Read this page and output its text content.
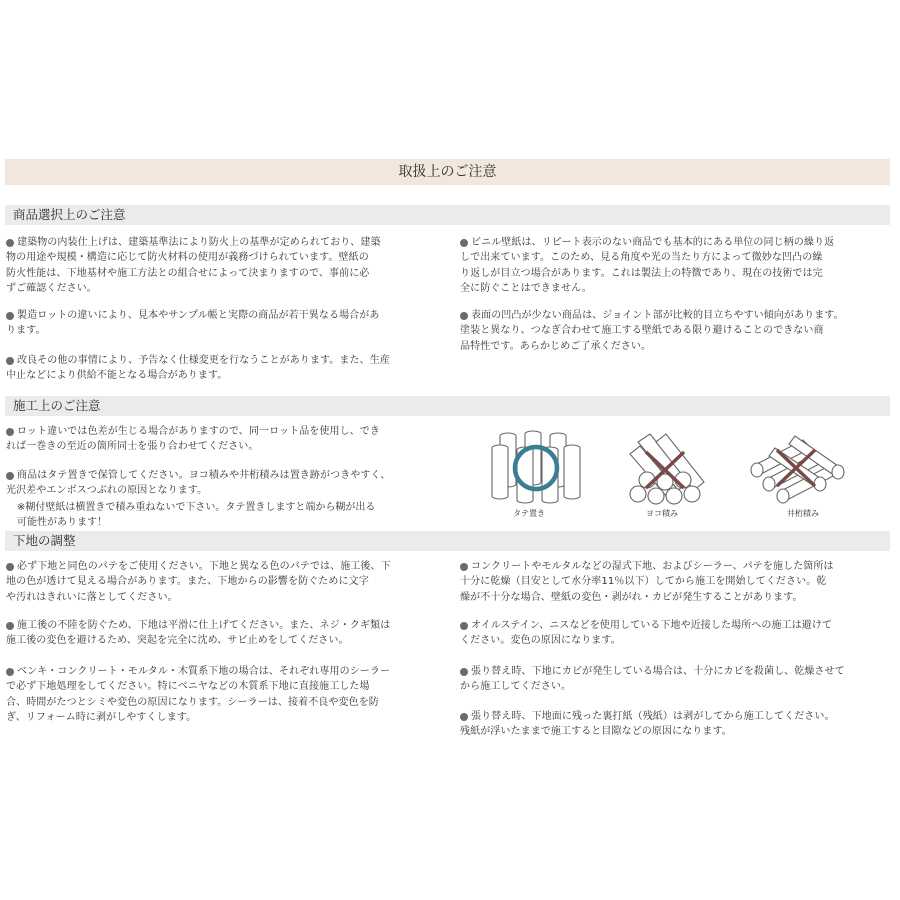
取扱上のご注意
商品選択上のご注意
施工上のご注意
下地の調整
建築物の内装仕上げは、建築基準法により防火上の基準が定められており、建築
物の用途や規模・構造に応じて防火材料の使用が義務づけられています。壁紙の
防火性能は、下地基材や施工方法との組合せによって決まりますので、事前に必
ずご確認ください。
製造ロットの違いにより、見本やサンプル帳と実際の商品が若干異なる場合があ
ります。
改良その他の事情により、予告なく仕様変更を行なうことがあります。また、生産
中止などにより供給不能となる場合があります。
ビニル壁紙は、リピート表示のない商品でも基本的にある単位の同じ柄の繰り返
しで出来ています。このため、見る角度や光の当たり方によって微妙な凹凸の繰
り返しが目立つ場合があります。これは製法上の特徴であり、現在の技術では完
全に防ぐことはできません。
表面の凹凸が少ない商品は、ジョイント部が比較的目立ちやすい傾向があります。
塗装と異なり、つなぎ合わせて施工する壁紙である限り避けることのできない商
品特性です。あらかじめご了承ください。
ロット違いでは色差が生じる場合がありますので、同一ロット品を使用し、でき
れば一巻きの至近の箇所同士を張り合わせてください。
商品はタテ置きで保管してください。ヨコ積みや井桁積みは置き跡がつきやすく、
光沢差やエンボスつぶれの原因となります。
※糊付壁紙は横置きで積み重ねないで下さい。タテ置きしますと端から糊が出る
可能性があります！
タテ置き	ヨコ積み	井桁積み
必ず下地と同色のパテをご使用ください。下地と異なる色のパテでは、施工後、下
地の色が透けて見える場合があります。また、下地からの影響を防ぐために文字
や汚れはきれいに落としてください。
施工後の不陸を防ぐため、下地は平滑に仕上げてください。また、ネジ・クギ類は
施工後の変色を避けるため、突起を完全に沈め、サビ止めをしてください。
ベンキ・コンクリート・モルタル・木質系下地の場合は、それぞれ専用のシーラー
で必ず下地処理をしてください。特にベニヤなどの木質系下地に直接施工した場
合、時間がたつとシミや変色の原因になります。シーラーは、接着不良や変色を防
ぎ、リフォーム時に剥がしやすくします。
コンクリートやモルタルなどの湿式下地、およびシーラー、パテを施した箇所は
十分に乾燥（目安として水分率11％以下）してから施工を開始してください。乾
燥が不十分な場合、壁紙の変色・剥がれ・カビが発生することがあります。
オイルステイン、ニスなどを使用している下地や近接した場所への施工は避けて
ください。変色の原因になります。
張り替え時、下地にカビが発生している場合は、十分にカビを殺菌し、乾燥させて
から施工してください。
張り替え時、下地面に残った裏打紙（残紙）は剥がしてから施工してください。
残紙が浮いたままで施工すると目隙などの原因になります。
